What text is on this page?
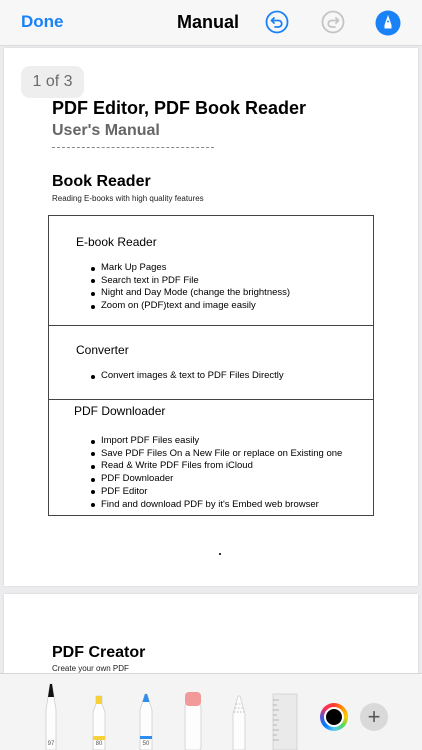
Done	Manual
1 of 3
PDF Editor, PDF Book Reader
User's Manual
Book Reader
Reading E-books with high quality features
E-book Reader
Mark Up Pages
Search text in PDF File
Night and Day Mode (change the brightness)
Zoom on (PDF)text and image easily
Converter
Convert images & text to PDF Files Directly
PDF Downloader
Import PDF Files easily
Save PDF Files On a New File or replace on Existing one
Read & Write PDF Files from iCloud
PDF Downloader
PDF Editor
Find and download PDF by it's Embed web browser
PDF Creator
Create your own PDF
97	80	50
+
